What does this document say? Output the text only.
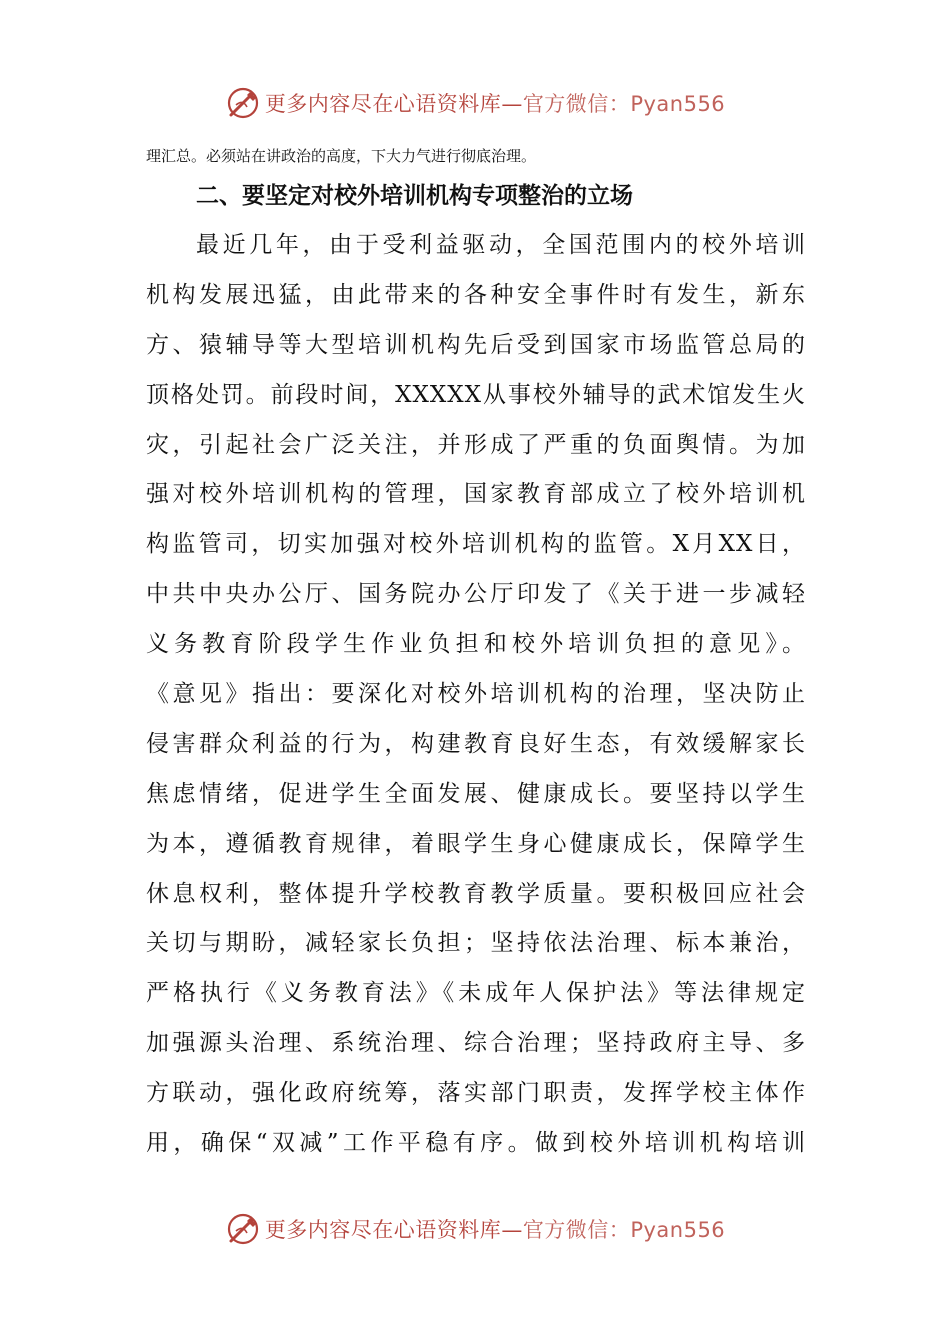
更多内容尽在心语资料库—官方微信：Pyan556
理汇总。必须站在讲政治的高度，下大力气进行彻底治理。
二、要坚定对校外培训机构专项整治的立场
最近几年，由于受利益驱动，全国范围内的校外培训
机构发展迅猛，由此带来的各种安全事件时有发生，新东
方、猿辅导等大型培训机构先后受到国家市场监管总局的
顶格处罚。前段时间，XXXXX从事校外辅导的武术馆发生火
灾，引起社会广泛关注，并形成了严重的负面舆情。为加
强对校外培训机构的管理，国家教育部成立了校外培训机
构监管司，切实加强对校外培训机构的监管。X月XX日，
中共中央办公厅、国务院办公厅印发了《关于进一步减轻
义务教育阶段学生作业负担和校外培训负担的意见》。
《意见》指出：要深化对校外培训机构的治理，坚决防止
侵害群众利益的行为，构建教育良好生态，有效缓解家长
焦虑情绪，促进学生全面发展、健康成长。要坚持以学生
为本，遵循教育规律，着眼学生身心健康成长，保障学生
休息权利，整体提升学校教育教学质量。要积极回应社会
关切与期盼，减轻家长负担；坚持依法治理、标本兼治，
严格执行《义务教育法》《未成年人保护法》等法律规定
加强源头治理、系统治理、综合治理；坚持政府主导、多
方联动，强化政府统筹，落实部门职责，发挥学校主体作
用，确保“双减”工作平稳有序。做到校外培训机构培训
更多内容尽在心语资料库—官方微信：Pyan556
